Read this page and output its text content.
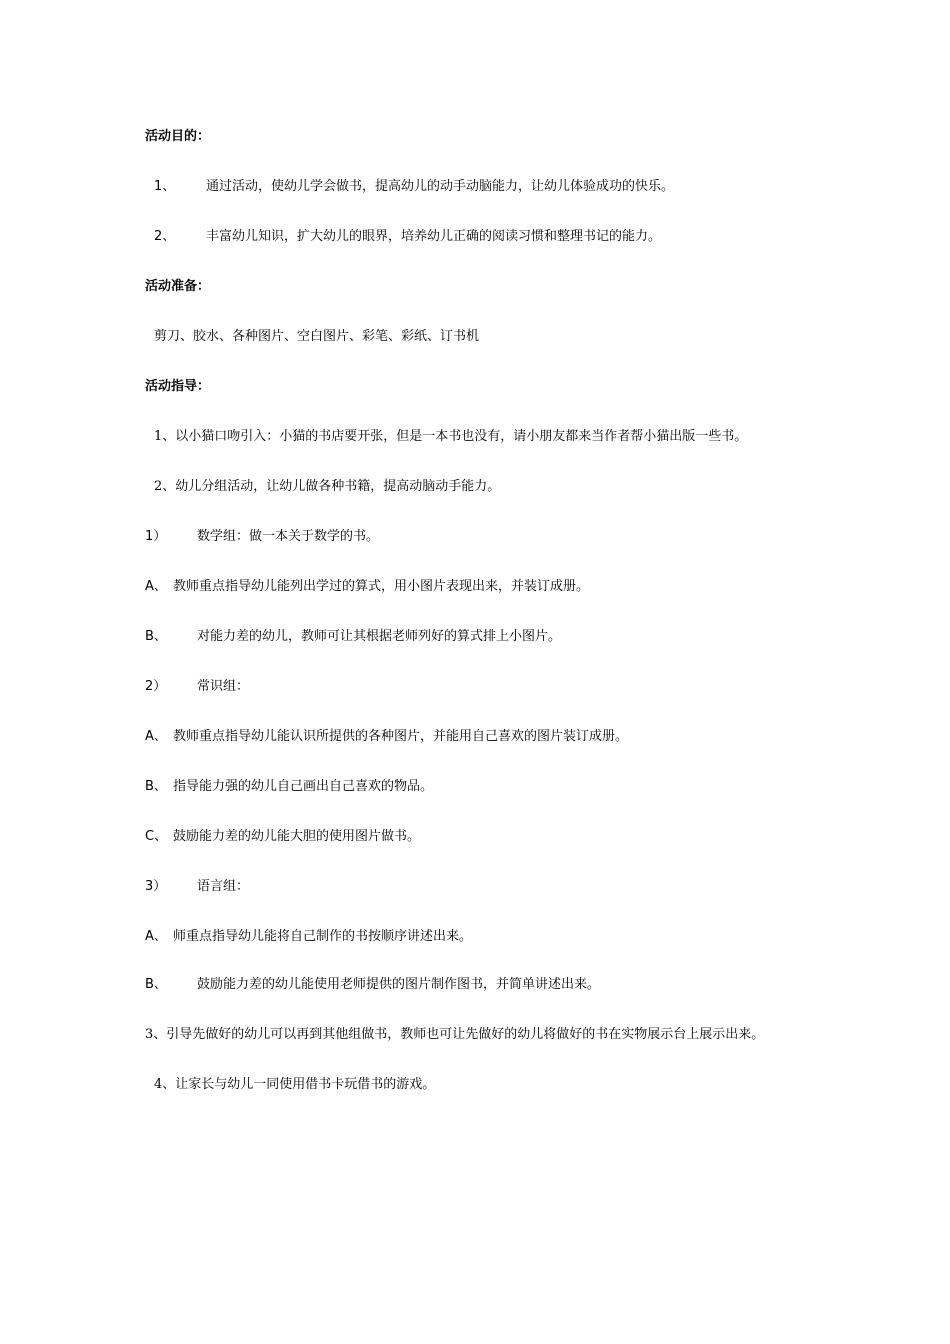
活动目的：
1、 通过活动，使幼儿学会做书，提高幼儿的动手动脑能力，让幼儿体验成功的快乐。
2、 丰富幼儿知识，扩大幼儿的眼界，培养幼儿正确的阅读习惯和整理书记的能力。
活动准备：
剪刀、胶水、各种图片、空白图片、彩笔、彩纸、订书机
活动指导：
1、以小猫口吻引入：小猫的书店要开张，但是一本书也没有，请小朋友都来当作者帮小猫出版一些书。
2、幼儿分组活动，让幼儿做各种书籍，提高动脑动手能力。
1） 数学组：做一本关于数学的书。
A、 教师重点指导幼儿能列出学过的算式，用小图片表现出来，并装订成册。
B、 对能力差的幼儿，教师可让其根据老师列好的算式排上小图片。
2） 常识组：
A、 教师重点指导幼儿能认识所提供的各种图片，并能用自己喜欢的图片装订成册。
B、 指导能力强的幼儿自己画出自己喜欢的物品。
C、 鼓励能力差的幼儿能大胆的使用图片做书。
3） 语言组：
A、 师重点指导幼儿能将自己制作的书按顺序讲述出来。
B、 鼓励能力差的幼儿能使用老师提供的图片制作图书，并简单讲述出来。
3、引导先做好的幼儿可以再到其他组做书，教师也可让先做好的幼儿将做好的书在实物展示台上展示出来。
4、让家长与幼儿一同使用借书卡玩借书的游戏。
